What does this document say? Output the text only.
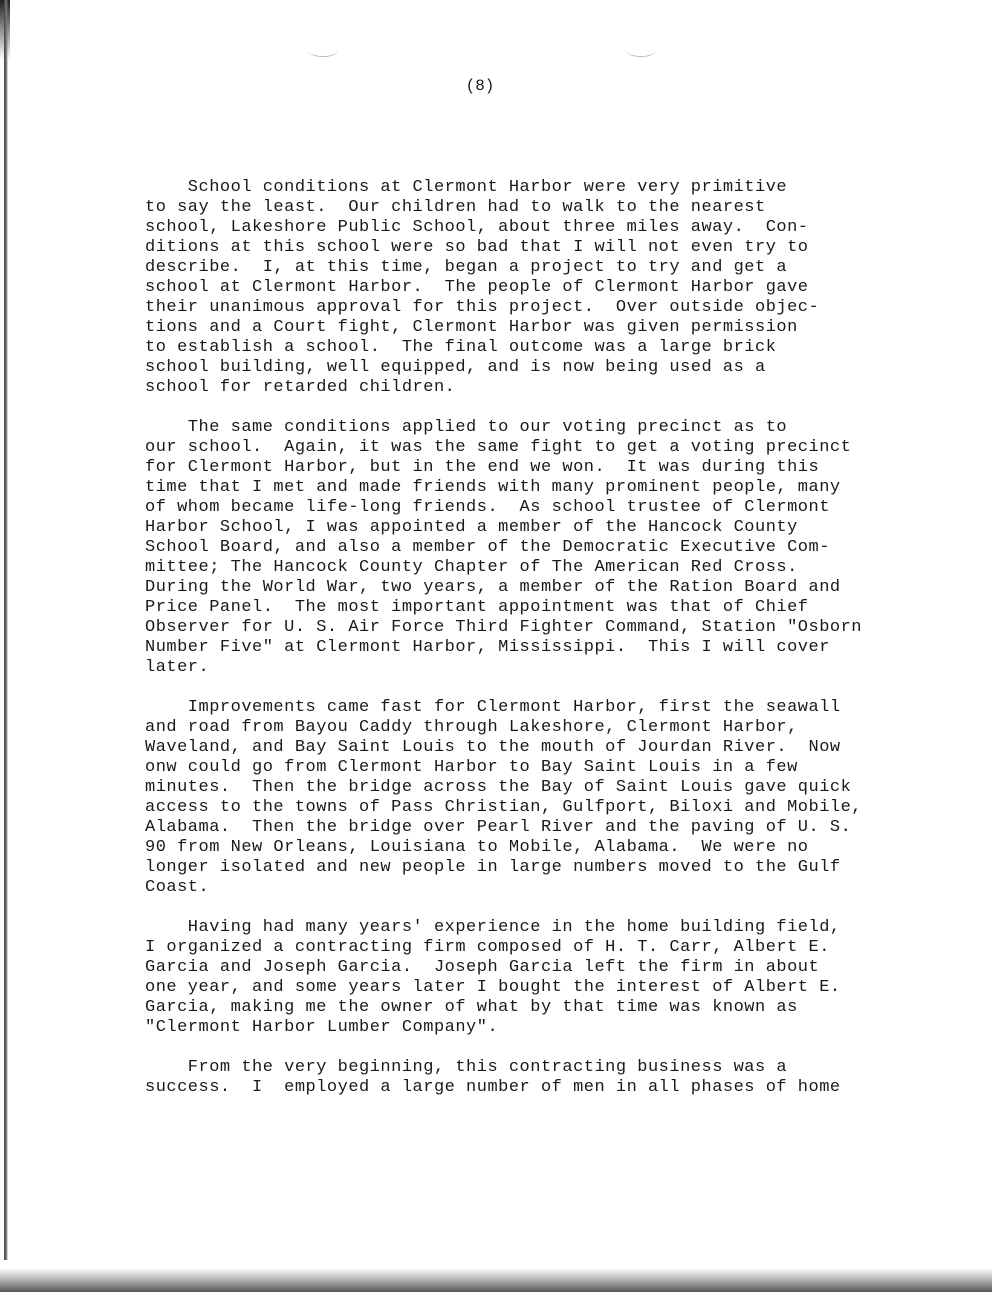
(8)
School conditions at Clermont Harbor were very primitive
to say the least.  Our children had to walk to the nearest
school, Lakeshore Public School, about three miles away.  Con-
ditions at this school were so bad that I will not even try to
describe.  I, at this time, began a project to try and get a
school at Clermont Harbor.  The people of Clermont Harbor gave
their unanimous approval for this project.  Over outside objec-
tions and a Court fight, Clermont Harbor was given permission
to establish a school.  The final outcome was a large brick
school building, well equipped, and is now being used as a
school for retarded children.
The same conditions applied to our voting precinct as to
our school.  Again, it was the same fight to get a voting precinct
for Clermont Harbor, but in the end we won.  It was during this
time that I met and made friends with many prominent people, many
of whom became life-long friends.  As school trustee of Clermont
Harbor School, I was appointed a member of the Hancock County
School Board, and also a member of the Democratic Executive Com-
mittee; The Hancock County Chapter of The American Red Cross.
During the World War, two years, a member of the Ration Board and
Price Panel.  The most important appointment was that of Chief
Observer for U. S. Air Force Third Fighter Command, Station "Osborn
Number Five" at Clermont Harbor, Mississippi.  This I will cover
later.
Improvements came fast for Clermont Harbor, first the seawall
and road from Bayou Caddy through Lakeshore, Clermont Harbor,
Waveland, and Bay Saint Louis to the mouth of Jourdan River.  Now
onw could go from Clermont Harbor to Bay Saint Louis in a few
minutes.  Then the bridge across the Bay of Saint Louis gave quick
access to the towns of Pass Christian, Gulfport, Biloxi and Mobile,
Alabama.  Then the bridge over Pearl River and the paving of U. S.
90 from New Orleans, Louisiana to Mobile, Alabama.  We were no
longer isolated and new people in large numbers moved to the Gulf
Coast.
Having had many years' experience in the home building field,
I organized a contracting firm composed of H. T. Carr, Albert E.
Garcia and Joseph Garcia.  Joseph Garcia left the firm in about
one year, and some years later I bought the interest of Albert E.
Garcia, making me the owner of what by that time was known as
"Clermont Harbor Lumber Company".
From the very beginning, this contracting business was a
success.  I  employed a large number of men in all phases of home
